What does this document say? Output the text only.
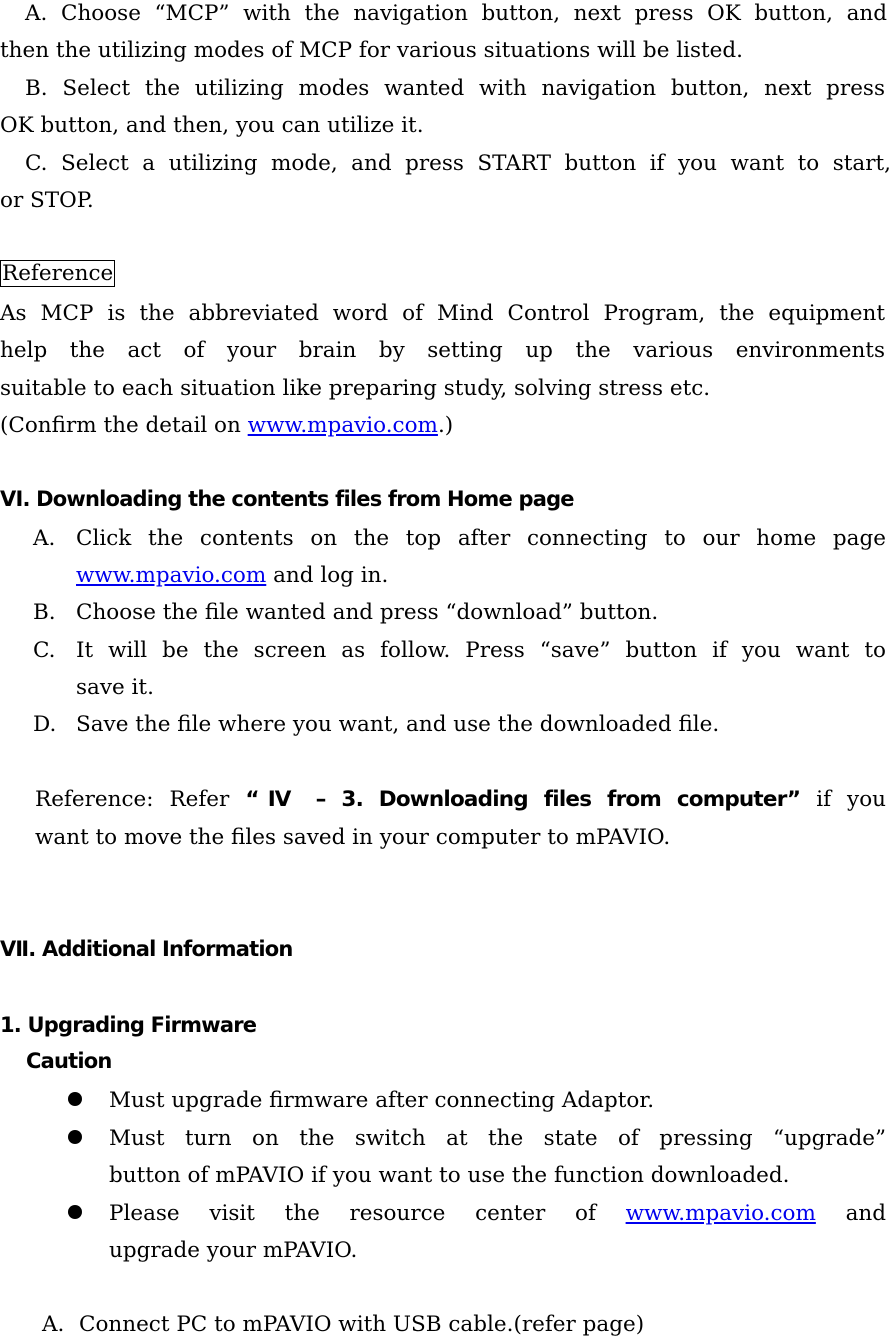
A. Choose “MCP” with the navigation button, next press OK button, and
then the utilizing modes of MCP for various situations will be listed.
B. Select the utilizing modes wanted with navigation button, next press
OK button, and then, you can utilize it.
C. Select a utilizing mode, and press START button if you want to start,
or STOP.
Reference
As MCP is the abbreviated word of Mind Control Program, the equipment
help the act of your brain by setting up the various environments
suitable to each situation like preparing study, solving stress etc.
(Confirm the detail on www.mpavio.com.)
VI. Downloading the contents files from Home page
A. Click the contents on the top after connecting to our home page
www.mpavio.com and log in.
B. Choose the file wanted and press “download” button.
C. It will be the screen as follow. Press “save” button if you want to
save it.
D. Save the file where you want, and use the downloaded file.
Reference: Refer “Ⅳ – 3. Downloading files from computer” if you
want to move the files saved in your computer to mPAVIO.
Ⅶ. Additional Information
1. Upgrading Firmware
Caution
Must upgrade firmware after connecting Adaptor.
Must turn on the switch at the state of pressing “upgrade”
button of mPAVIO if you want to use the function downloaded.
Please visit the resource center of www.mpavio.com and
upgrade your mPAVIO.
A. Connect PC to mPAVIO with USB cable.(refer page)
